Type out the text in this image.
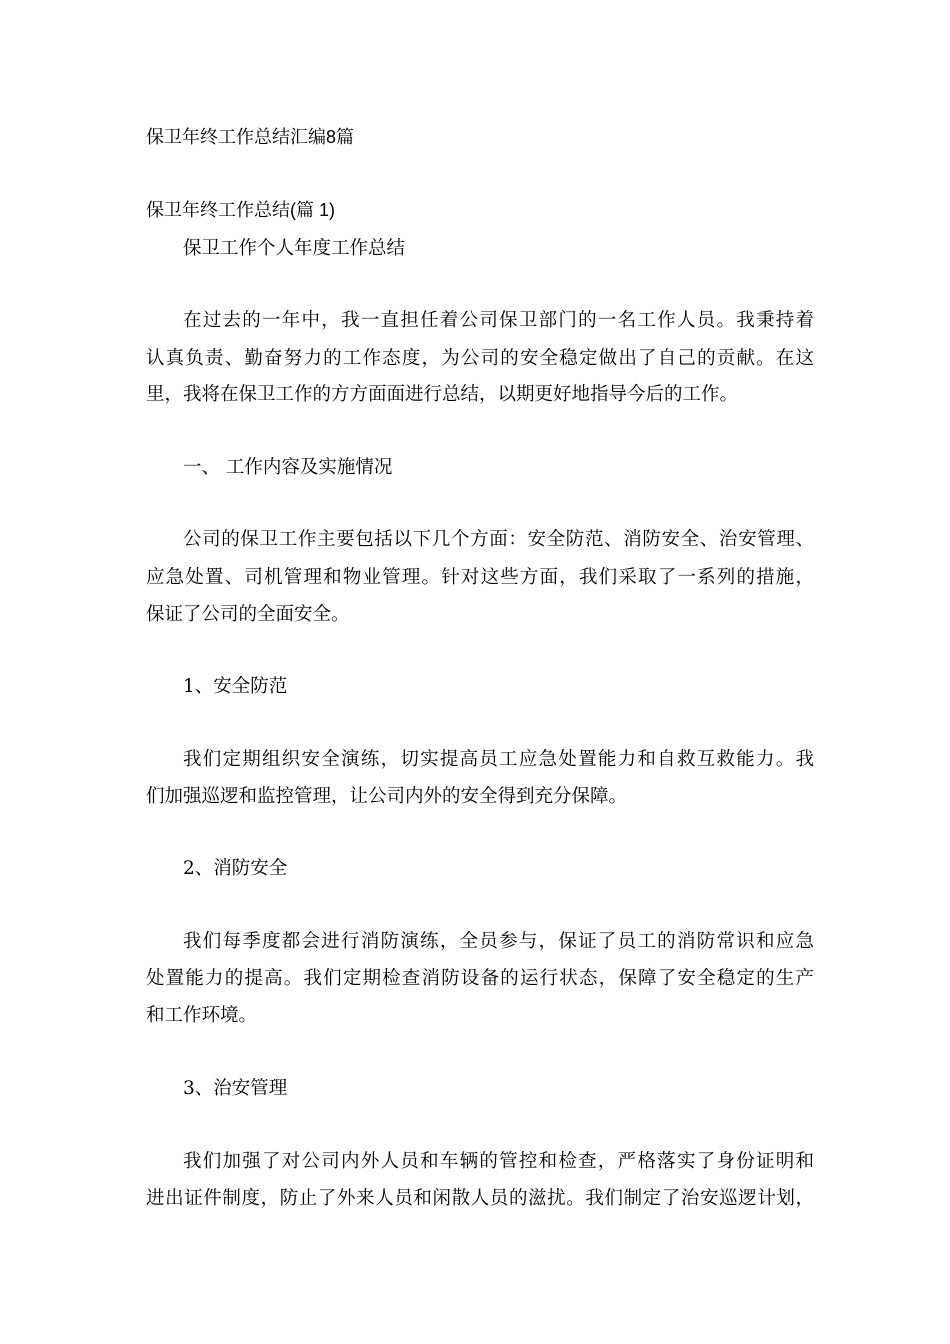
保卫年终工作总结汇编8篇
保卫年终工作总结(篇 1)

保卫工作个人年度工作总结

在过去的一年中，我一直担任着公司保卫部门的一名工作人员。我秉持着

认真负责、勤奋努力的工作态度，为公司的安全稳定做出了自己的贡献。在这

里，我将在保卫工作的方方面面进行总结，以期更好地指导今后的工作。

一、 工作内容及实施情况

公司的保卫工作主要包括以下几个方面：安全防范、消防安全、治安管理、

应急处置、司机管理和物业管理。针对这些方面，我们采取了一系列的措施，

保证了公司的全面安全。

1、安全防范

我们定期组织安全演练，切实提高员工应急处置能力和自救互救能力。我

们加强巡逻和监控管理，让公司内外的安全得到充分保障。

2、消防安全

我们每季度都会进行消防演练，全员参与，保证了员工的消防常识和应急

处置能力的提高。我们定期检查消防设备的运行状态，保障了安全稳定的生产

和工作环境。

3、治安管理

我们加强了对公司内外人员和车辆的管控和检查，严格落实了身份证明和

进出证件制度，防止了外来人员和闲散人员的滋扰。我们制定了治安巡逻计划，
